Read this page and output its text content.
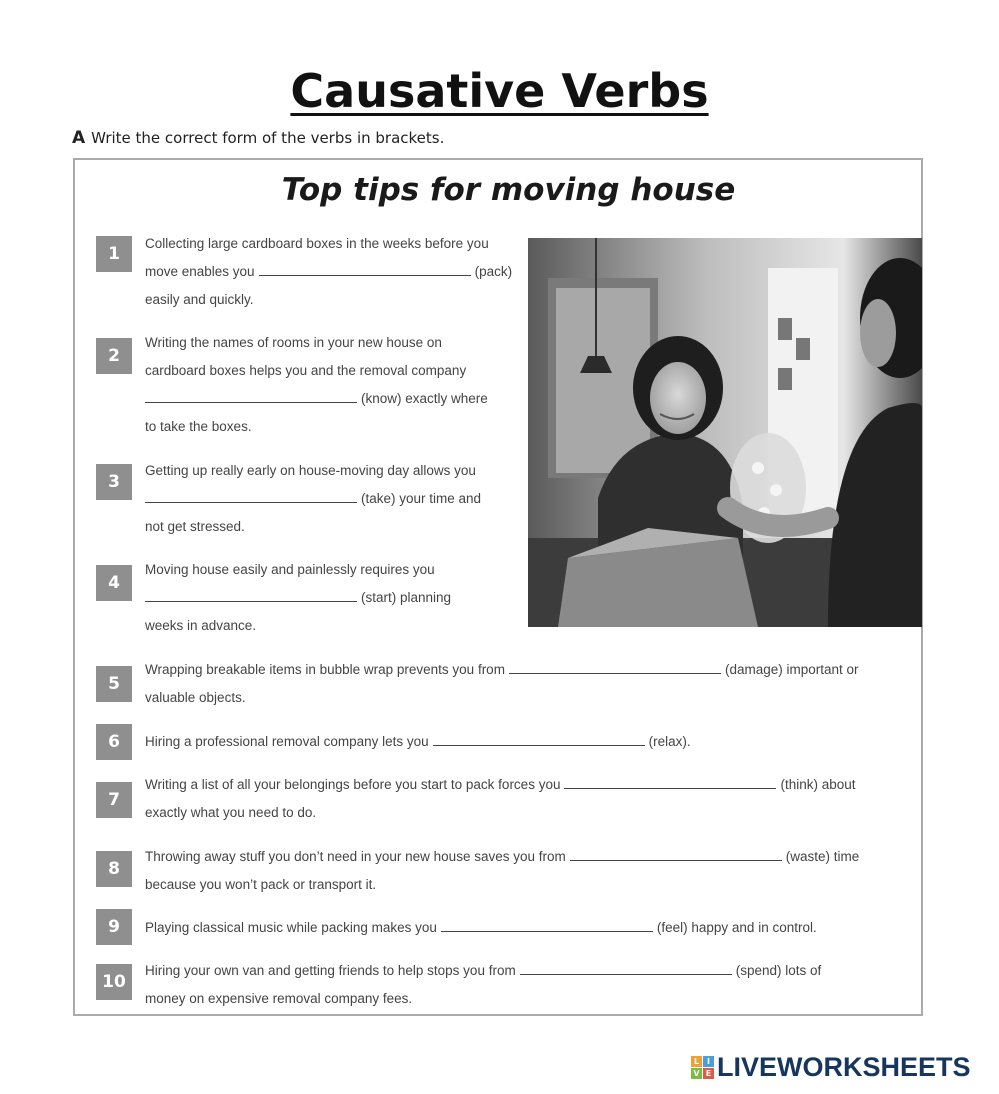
Causative Verbs
A Write the correct form of the verbs in brackets.
Top tips for moving house
1
Collecting large cardboard boxes in the weeks before you
move enables you	(pack)
easily and quickly.
2
Writing the names of rooms in your new house on
cardboard boxes helps you and the removal company
(know) exactly where
to take the boxes.
3
Getting up really early on house-moving day allows you
(take) your time and
not get stressed.
4
Moving house easily and painlessly requires you
(start) planning
weeks in advance.
5
Wrapping breakable items in bubble wrap prevents you from	(damage) important or
valuable objects.
6	Hiring a professional removal company lets you	(relax).
7
Writing a list of all your belongings before you start to pack forces you	(think) about
exactly what you need to do.
8
Throwing away stuff you don’t need in your new house saves you from	(waste) time
because you won’t pack or transport it.
9	Playing classical music while packing makes you	(feel) happy and in control.
10
Hiring your own van and getting friends to help stops you from	(spend) lots of
money on expensive removal company fees.
L I
V E LIVEWORKSHEETS
